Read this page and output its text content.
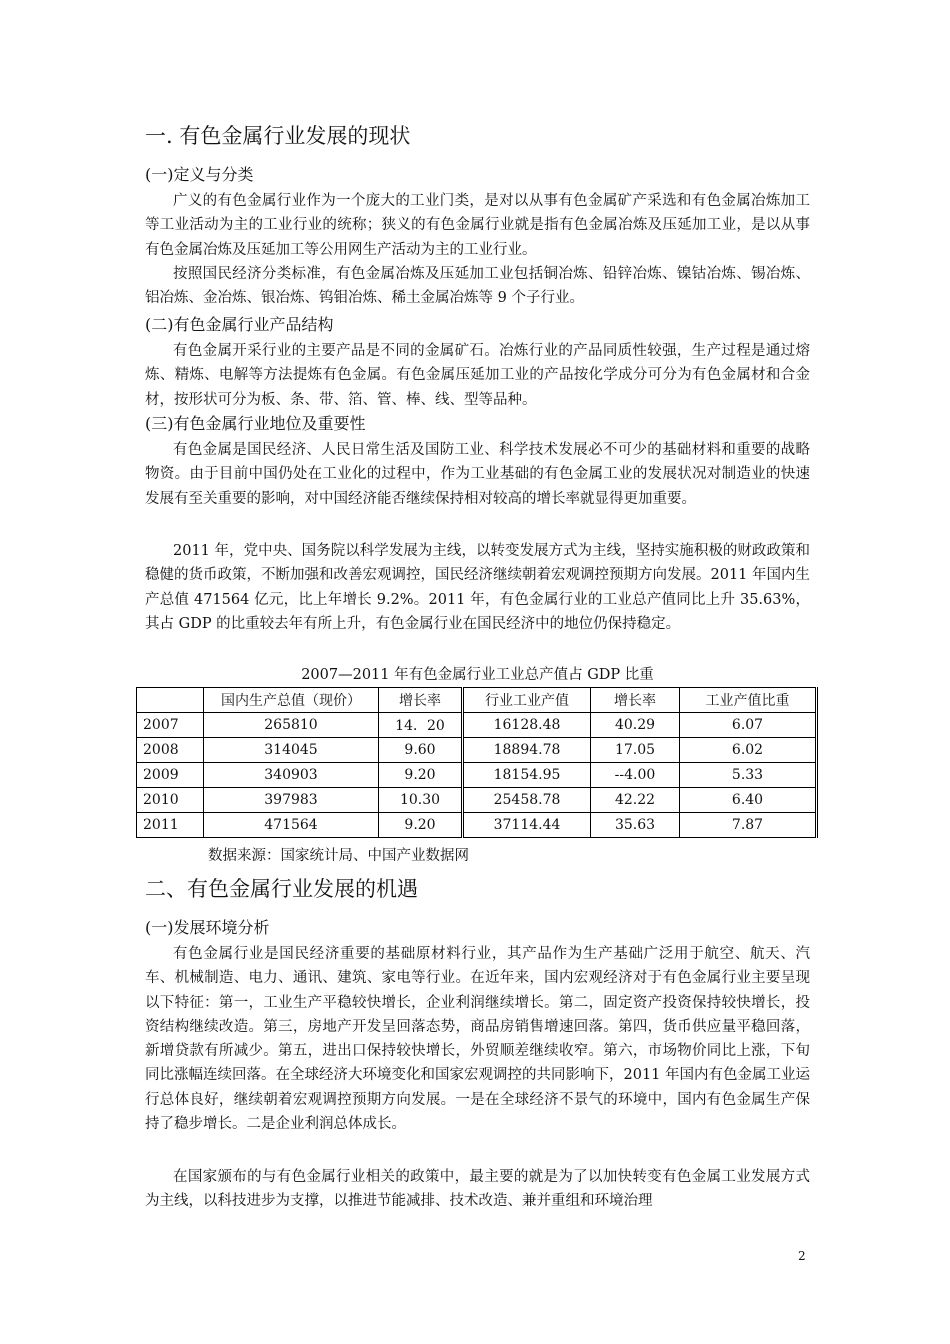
一. 有色金属行业发展的现状
(一)定义与分类

广义的有色金属行业作为一个庞大的工业门类，是对以从事有色金属矿产采选和有色金属冶炼加工等工业活动为主的工业行业的统称；狭义的有色金属行业就是指有色金属冶炼及压延加工业，是以从事有色金属冶炼及压延加工等公用网生产活动为主的工业行业。

按照国民经济分类标准，有色金属冶炼及压延加工业包括铜冶炼、铅锌冶炼、镍钴冶炼、锡冶炼、铝冶炼、金冶炼、银冶炼、钨钼冶炼、稀土金属冶炼等 9 个子行业。

(二)有色金属行业产品结构

有色金属开采行业的主要产品是不同的金属矿石。冶炼行业的产品同质性较强，生产过程是通过熔炼、精炼、电解等方法提炼有色金属。有色金属压延加工业的产品按化学成分可分为有色金属材和合金材，按形状可分为板、条、带、箔、管、棒、线、型等品种。

(三)有色金属行业地位及重要性

有色金属是国民经济、人民日常生活及国防工业、科学技术发展必不可少的基础材料和重要的战略物资。由于目前中国仍处在工业化的过程中，作为工业基础的有色金属工业的发展状况对制造业的快速发展有至关重要的影响，对中国经济能否继续保持相对较高的增长率就显得更加重要。

2011 年，党中央、国务院以科学发展为主线，以转变发展方式为主线，坚持实施积极的财政政策和稳健的货币政策，不断加强和改善宏观调控，国民经济继续朝着宏观调控预期方向发展。2011 年国内生产总值 471564 亿元，比上年增长 9.2%。2011 年，有色金属行业的工业总产值同比上升 35.63%，其占 GDP 的比重较去年有所上升，有色金属行业在国民经济中的地位仍保持稳定。

2007—2011 年有色金属行业工业总产值占 GDP 比重
	国内生产总值（现价）	增长率	行业工业产值	增长率	工业产值比重
2007	265810	14．20	16128.48	40.29	6.07
2008	314045	9.60	18894.78	17.05	6.02
2009	340903	9.20	18154.95	--4.00	5.33
2010	397983	10.30	25458.78	42.22	6.40
2011	471564	9.20	37114.44	35.63	7.87
数据来源：国家统计局、中国产业数据网
二、有色金属行业发展的机遇
(一)发展环境分析

有色金属行业是国民经济重要的基础原材料行业，其产品作为生产基础广泛用于航空、航天、汽车、机械制造、电力、通讯、建筑、家电等行业。在近年来，国内宏观经济对于有色金属行业主要呈现以下特征：第一，工业生产平稳较快增长，企业利润继续增长。第二，固定资产投资保持较快增长，投资结构继续改造。第三，房地产开发呈回落态势，商品房销售增速回落。第四，货币供应量平稳回落，新增贷款有所减少。第五，进出口保持较快增长，外贸顺差继续收窄。第六，市场物价同比上涨，下旬同比涨幅连续回落。在全球经济大环境变化和国家宏观调控的共同影响下，2011 年国内有色金属工业运行总体良好，继续朝着宏观调控预期方向发展。一是在全球经济不景气的环境中，国内有色金属生产保持了稳步增长。二是企业利润总体成长。

在国家颁布的与有色金属行业相关的政策中，最主要的就是为了以加快转变有色金属工业发展方式为主线，以科技进步为支撑，以推进节能减排、技术改造、兼并重组和环境治理

2
